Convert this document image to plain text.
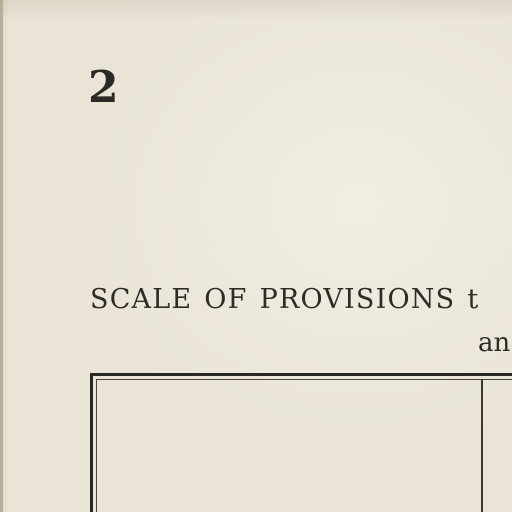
2
SCALE OF PROVISIONS t
an
